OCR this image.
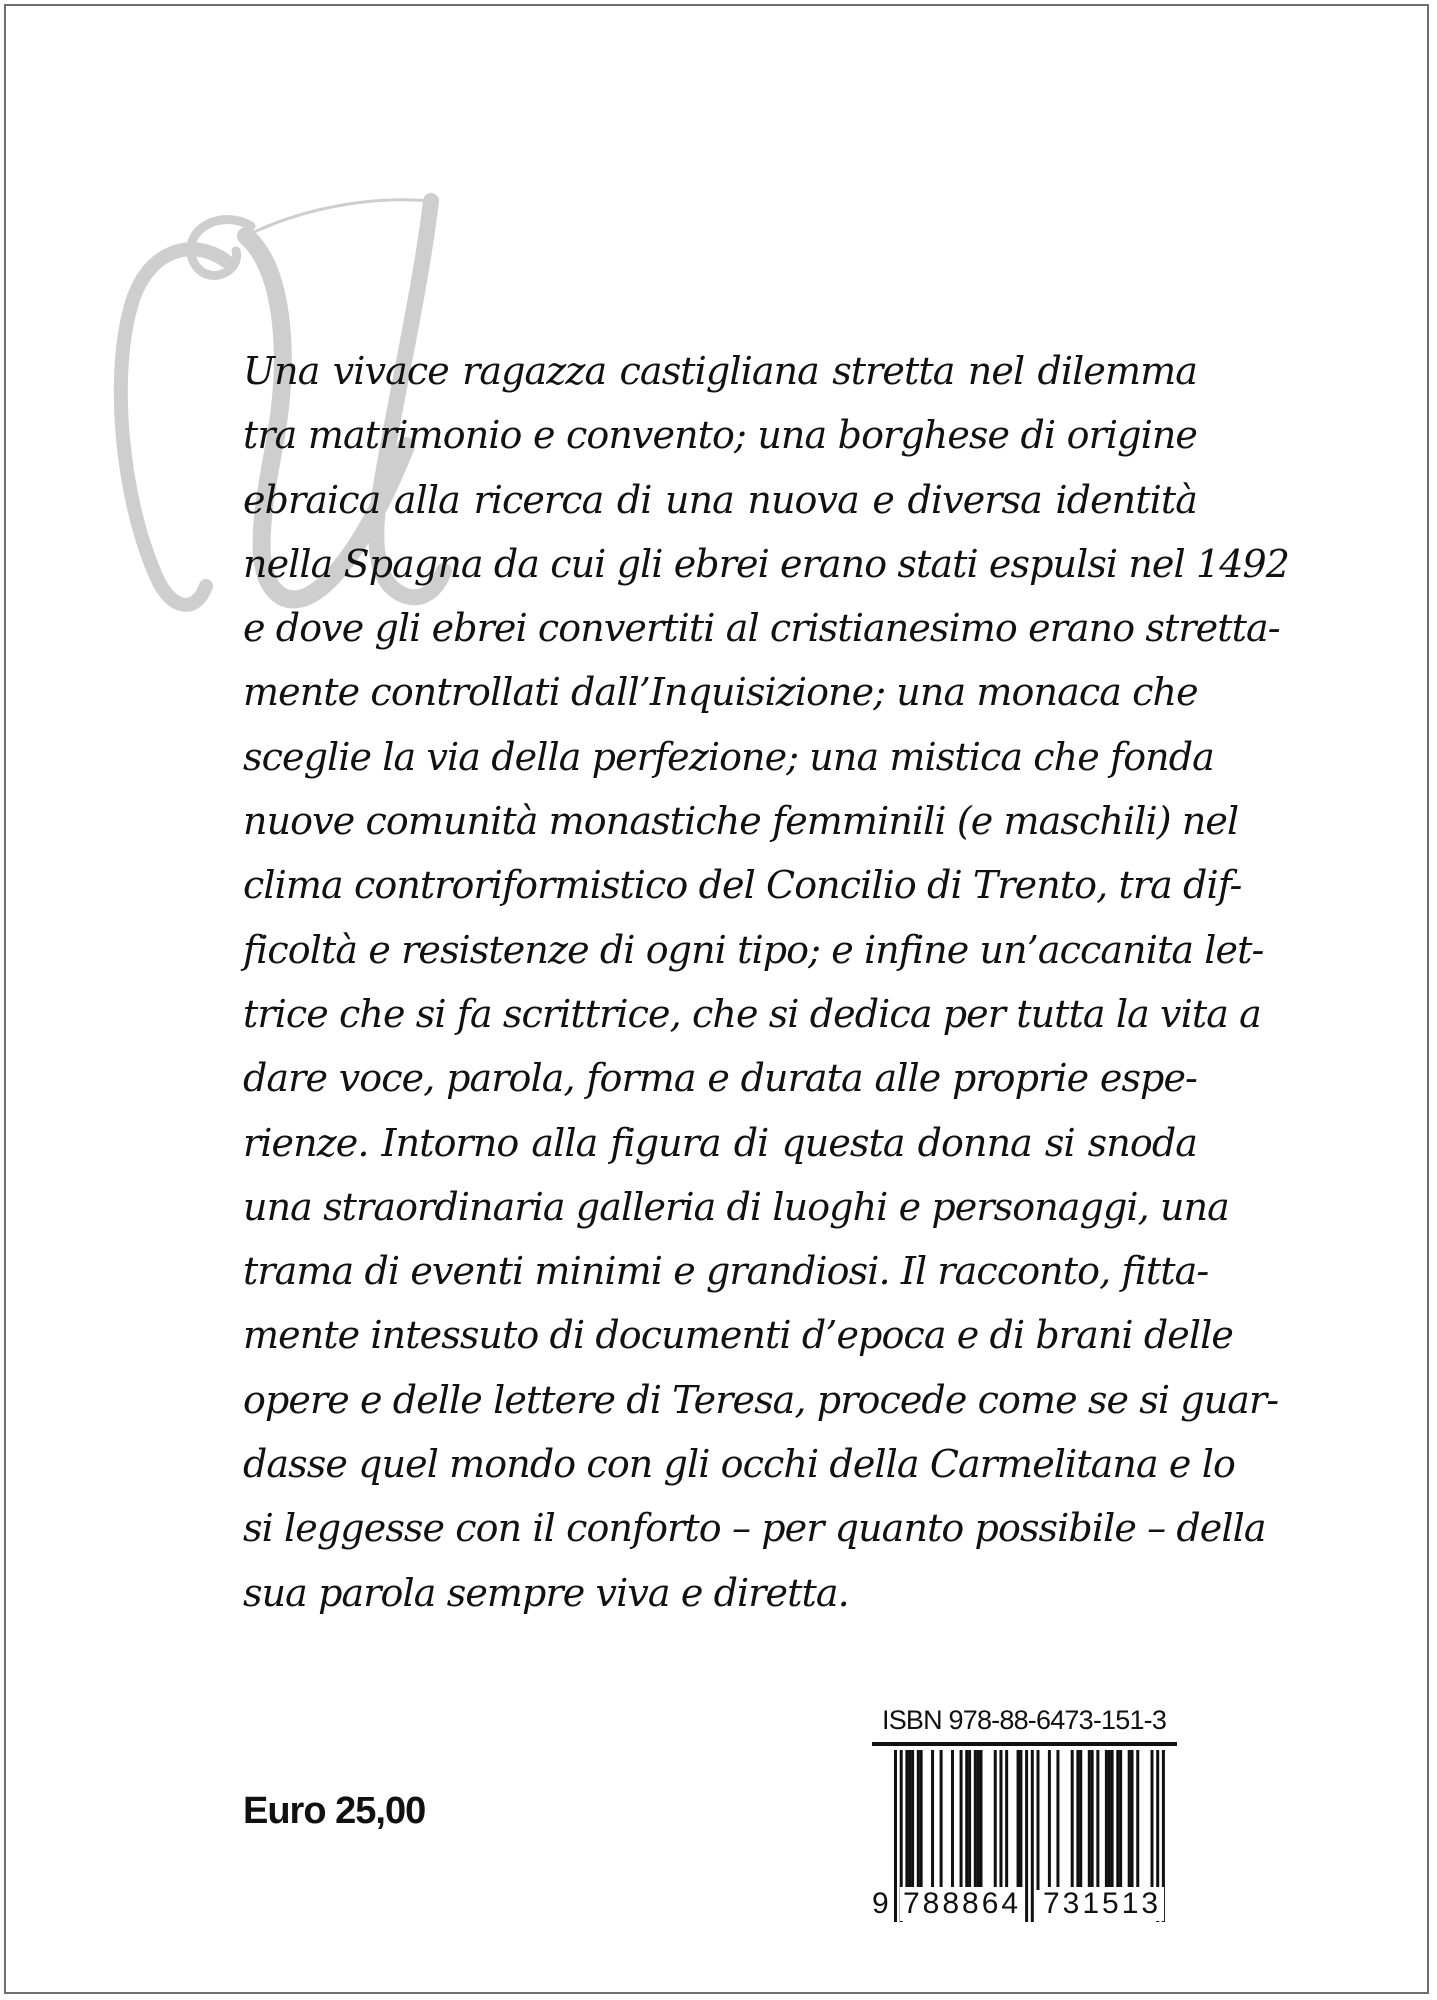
Una vivace ragazza castigliana stretta nel dilemma
tra matrimonio e convento; una borghese di origine
ebraica alla ricerca di una nuova e diversa identità
nella Spagna da cui gli ebrei erano stati espulsi nel 1492
e dove gli ebrei convertiti al cristianesimo erano stretta-
mente controllati dall’Inquisizione; una monaca che
sceglie la via della perfezione; una mistica che fonda
nuove comunità monastiche femminili (e maschili) nel
clima controriformistico del Concilio di Trento, tra dif-
ficoltà e resistenze di ogni tipo; e infine un’accanita let-
trice che si fa scrittrice, che si dedica per tutta la vita a
dare voce, parola, forma e durata alle proprie espe-
rienze. Intorno alla figura di questa donna si snoda
una straordinaria galleria di luoghi e personaggi, una
trama di eventi minimi e grandiosi. Il racconto, fitta-
mente intessuto di documenti d’epoca e di brani delle
opere e delle lettere di Teresa, procede come se si guar-
dasse quel mondo con gli occhi della Carmelitana e lo
si leggesse con il conforto – per quanto possibile – della
sua parola sempre viva e diretta.
Euro 25,00
ISBN 978-88-6473-151-3
9 788864 731513
